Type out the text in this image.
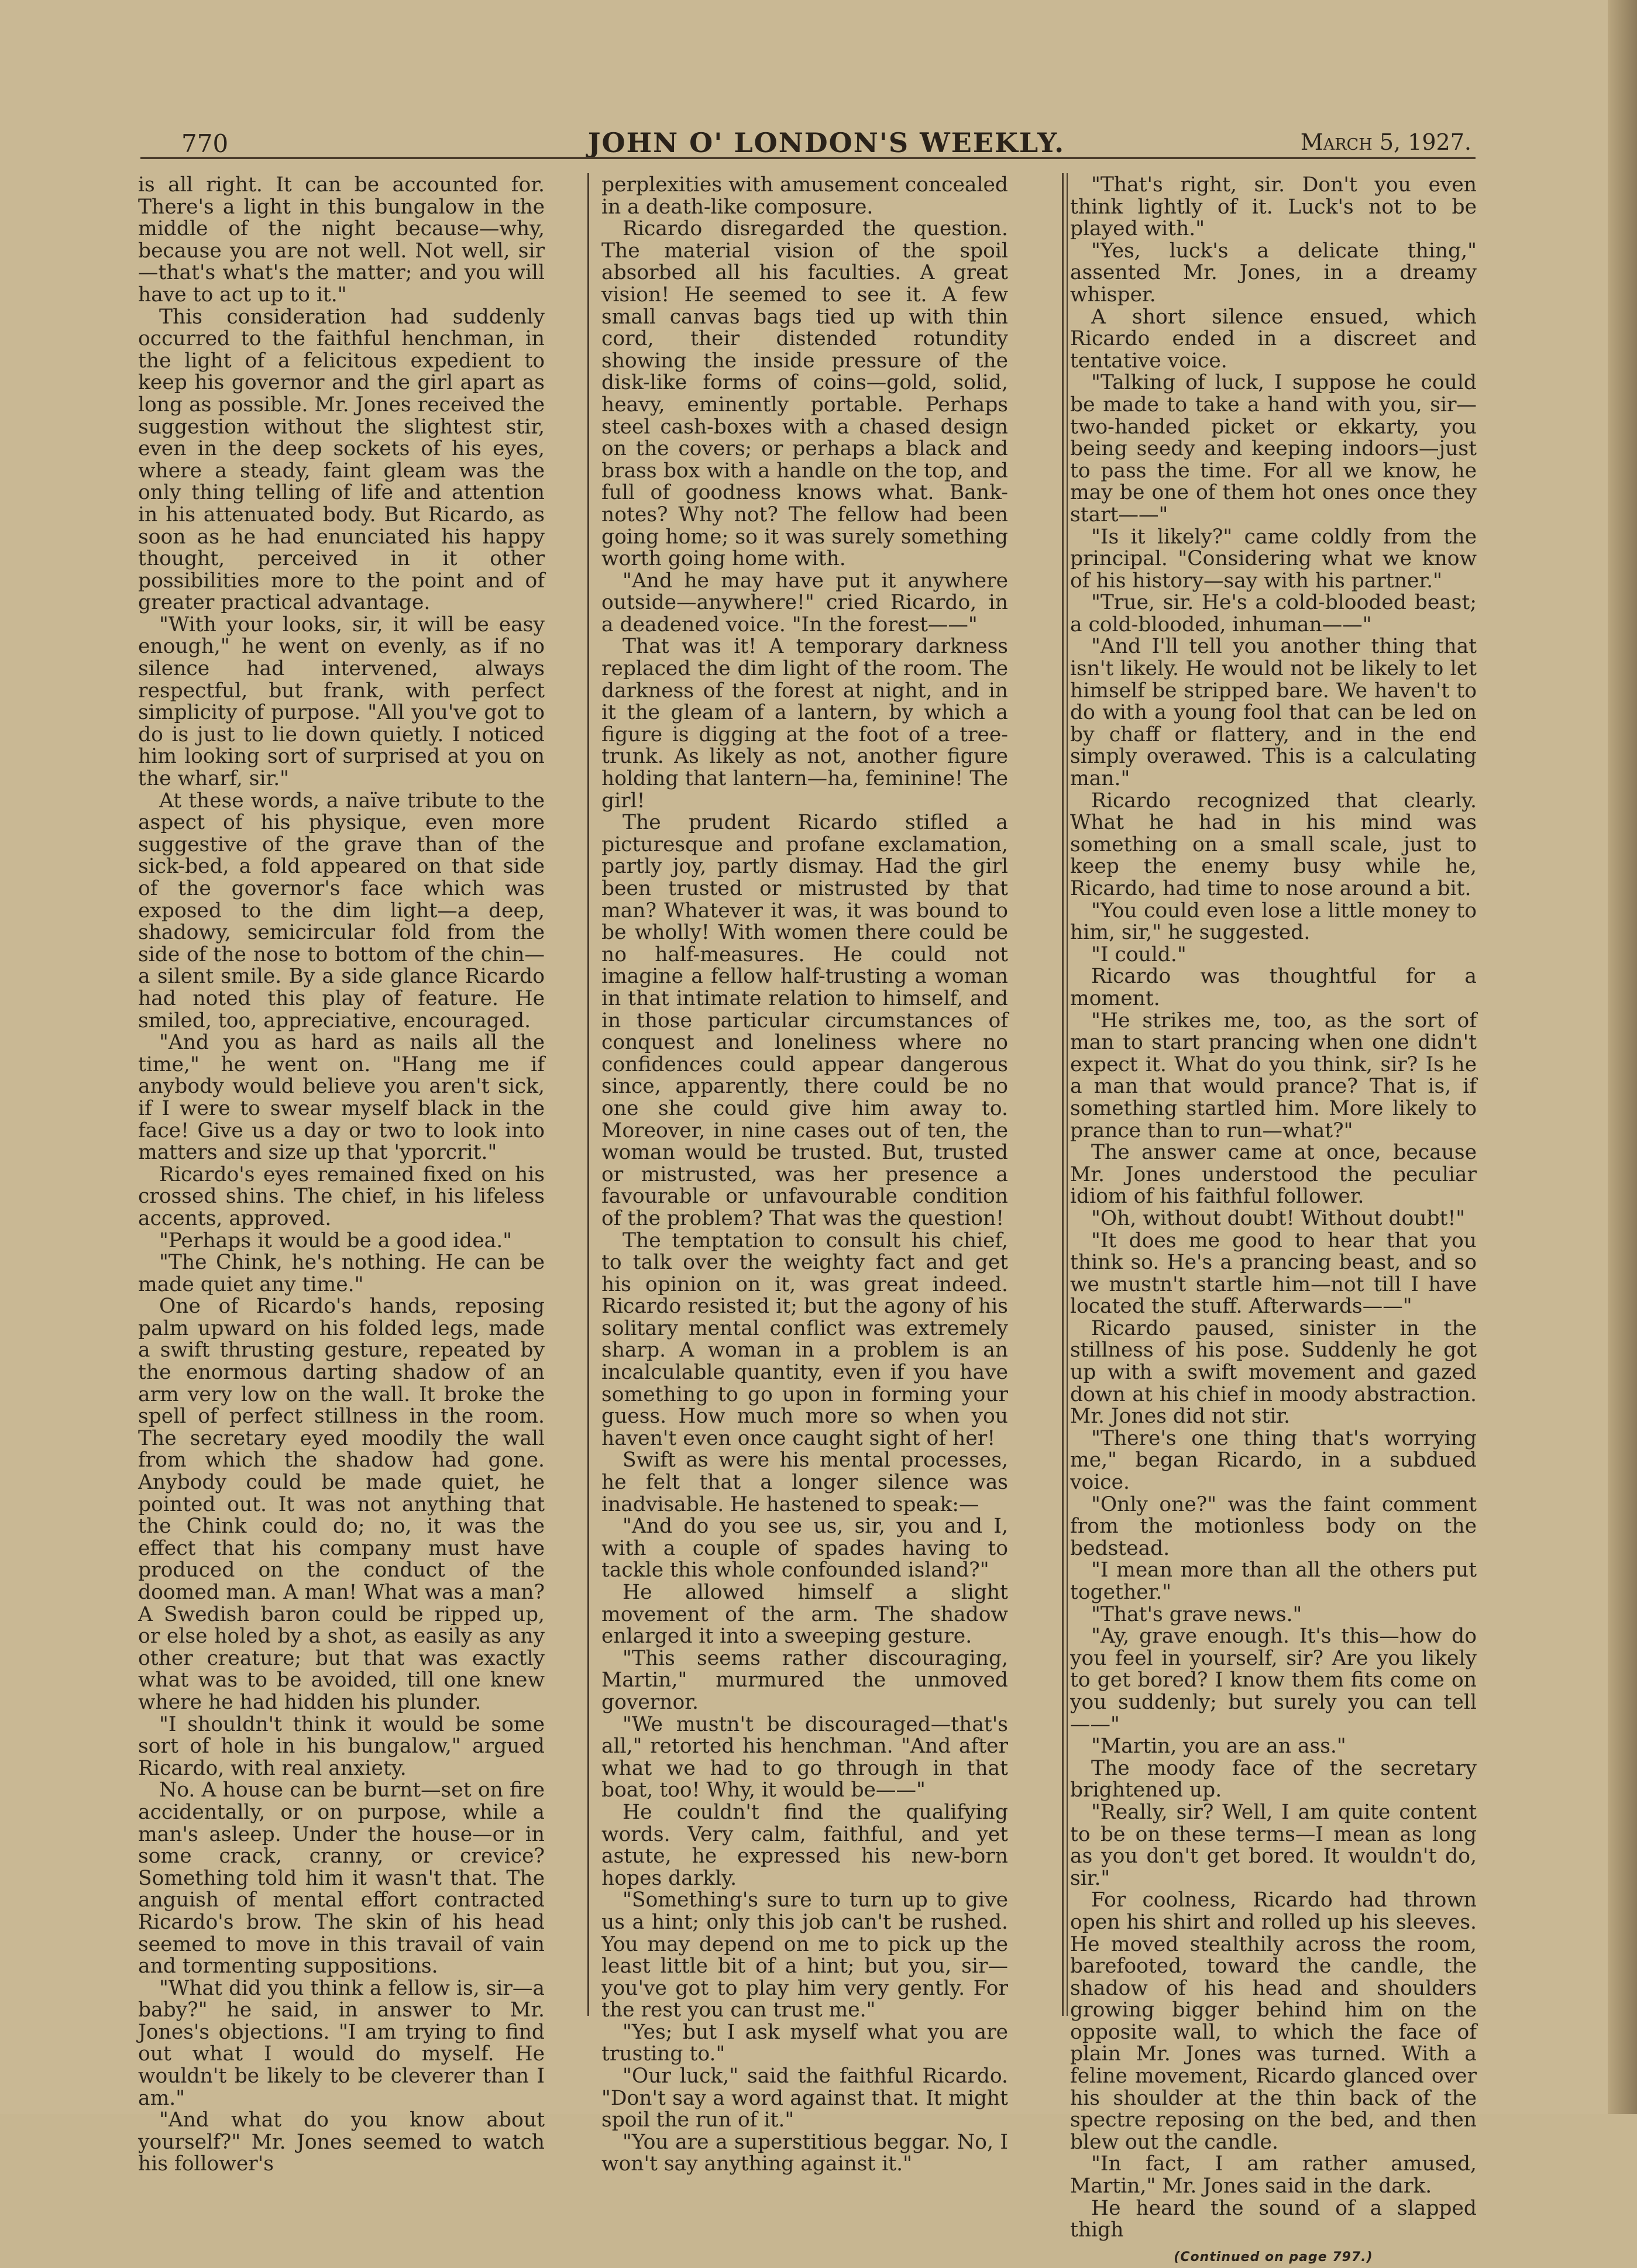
770	JOHN O' LONDON'S WEEKLY.	March 5, 1927.

is all right. It can be accounted for. There's a light in this bungalow in the middle of the night because—why, because you are not well. Not well, sir—that's what's the matter; and you will have to act up to it."

This consideration had suddenly occurred to the faithful henchman, in the light of a felicitous expedient to keep his governor and the girl apart as long as possible. Mr. Jones received the suggestion without the slightest stir, even in the deep sockets of his eyes, where a steady, faint gleam was the only thing telling of life and attention in his attenuated body. But Ricardo, as soon as he had enunciated his happy thought, perceived in it other possibilities more to the point and of greater practical advantage.

"With your looks, sir, it will be easy enough," he went on evenly, as if no silence had intervened, always respectful, but frank, with perfect simplicity of purpose. "All you've got to do is just to lie down quietly. I noticed him looking sort of surprised at you on the wharf, sir."

At these words, a naïve tribute to the aspect of his physique, even more suggestive of the grave than of the sick-bed, a fold appeared on that side of the governor's face which was exposed to the dim light—a deep, shadowy, semicircular fold from the side of the nose to bottom of the chin—a silent smile. By a side glance Ricardo had noted this play of feature. He smiled, too, appreciative, encouraged.

"And you as hard as nails all the time," he went on. "Hang me if anybody would believe you aren't sick, if I were to swear myself black in the face! Give us a day or two to look into matters and size up that 'yporcrit."

Ricardo's eyes remained fixed on his crossed shins. The chief, in his lifeless accents, approved.

"Perhaps it would be a good idea."

"The Chink, he's nothing. He can be made quiet any time."

One of Ricardo's hands, reposing palm upward on his folded legs, made a swift thrusting gesture, repeated by the enormous darting shadow of an arm very low on the wall. It broke the spell of perfect stillness in the room. The secretary eyed moodily the wall from which the shadow had gone. Anybody could be made quiet, he pointed out. It was not anything that the Chink could do; no, it was the effect that his company must have produced on the conduct of the doomed man. A man! What was a man? A Swedish baron could be ripped up, or else holed by a shot, as easily as any other creature; but that was exactly what was to be avoided, till one knew where he had hidden his plunder.

"I shouldn't think it would be some sort of hole in his bungalow," argued Ricardo, with real anxiety.

No. A house can be burnt—set on fire accidentally, or on purpose, while a man's asleep. Under the house—or in some crack, cranny, or crevice? Something told him it wasn't that. The anguish of mental effort contracted Ricardo's brow. The skin of his head seemed to move in this travail of vain and tormenting suppositions.

"What did you think a fellow is, sir—a baby?" he said, in answer to Mr. Jones's objections. "I am trying to find out what I would do myself. He wouldn't be likely to be cleverer than I am."

"And what do you know about yourself?" Mr. Jones seemed to watch his follower's

perplexities with amusement concealed in a death-like composure.

Ricardo disregarded the question. The material vision of the spoil absorbed all his faculties. A great vision! He seemed to see it. A few small canvas bags tied up with thin cord, their distended rotundity showing the inside pressure of the disk-like forms of coins—gold, solid, heavy, eminently portable. Perhaps steel cash-boxes with a chased design on the covers; or perhaps a black and brass box with a handle on the top, and full of goodness knows what. Bank-notes? Why not? The fellow had been going home; so it was surely something worth going home with.

"And he may have put it anywhere outside—anywhere!" cried Ricardo, in a deadened voice. "In the forest——"

That was it! A temporary darkness replaced the dim light of the room. The darkness of the forest at night, and in it the gleam of a lantern, by which a figure is digging at the foot of a tree-trunk. As likely as not, another figure holding that lantern—ha, feminine! The girl!

The prudent Ricardo stifled a picturesque and profane exclamation, partly joy, partly dismay. Had the girl been trusted or mistrusted by that man? Whatever it was, it was bound to be wholly! With women there could be no half-measures. He could not imagine a fellow half-trusting a woman in that intimate relation to himself, and in those particular circumstances of conquest and loneliness where no confidences could appear dangerous since, apparently, there could be no one she could give him away to. Moreover, in nine cases out of ten, the woman would be trusted. But, trusted or mistrusted, was her presence a favourable or unfavourable condition of the problem? That was the question!

The temptation to consult his chief, to talk over the weighty fact and get his opinion on it, was great indeed. Ricardo resisted it; but the agony of his solitary mental conflict was extremely sharp. A woman in a problem is an incalculable quantity, even if you have something to go upon in forming your guess. How much more so when you haven't even once caught sight of her!

Swift as were his mental processes, he felt that a longer silence was inadvisable. He hastened to speak:—

"And do you see us, sir, you and I, with a couple of spades having to tackle this whole confounded island?"

He allowed himself a slight movement of the arm. The shadow enlarged it into a sweeping gesture.

"This seems rather discouraging, Martin," murmured the unmoved governor.

"We mustn't be discouraged—that's all," retorted his henchman. "And after what we had to go through in that boat, too! Why, it would be——"

He couldn't find the qualifying words. Very calm, faithful, and yet astute, he expressed his new-born hopes darkly.

"Something's sure to turn up to give us a hint; only this job can't be rushed. You may depend on me to pick up the least little bit of a hint; but you, sir—you've got to play him very gently. For the rest you can trust me."

"Yes; but I ask myself what you are trusting to."

"Our luck," said the faithful Ricardo. "Don't say a word against that. It might spoil the run of it."

"You are a superstitious beggar. No, I won't say anything against it."

"That's right, sir. Don't you even think lightly of it. Luck's not to be played with."

"Yes, luck's a delicate thing," assented Mr. Jones, in a dreamy whisper.

A short silence ensued, which Ricardo ended in a discreet and tentative voice.

"Talking of luck, I suppose he could be made to take a hand with you, sir—two-handed picket or ekkarty, you being seedy and keeping indoors—just to pass the time. For all we know, he may be one of them hot ones once they start——"

"Is it likely?" came coldly from the principal. "Considering what we know of his history—say with his partner."

"True, sir. He's a cold-blooded beast; a cold-blooded, inhuman——"

"And I'll tell you another thing that isn't likely. He would not be likely to let himself be stripped bare. We haven't to do with a young fool that can be led on by chaff or flattery, and in the end simply overawed. This is a calculating man."

Ricardo recognized that clearly. What he had in his mind was something on a small scale, just to keep the enemy busy while he, Ricardo, had time to nose around a bit.

"You could even lose a little money to him, sir," he suggested.

"I could."

Ricardo was thoughtful for a moment.

"He strikes me, too, as the sort of man to start prancing when one didn't expect it. What do you think, sir? Is he a man that would prance? That is, if something startled him. More likely to prance than to run—what?"

The answer came at once, because Mr. Jones understood the peculiar idiom of his faithful follower.

"Oh, without doubt! Without doubt!"

"It does me good to hear that you think so. He's a prancing beast, and so we mustn't startle him—not till I have located the stuff. Afterwards——"

Ricardo paused, sinister in the stillness of his pose. Suddenly he got up with a swift movement and gazed down at his chief in moody abstraction. Mr. Jones did not stir.

"There's one thing that's worrying me," began Ricardo, in a subdued voice.

"Only one?" was the faint comment from the motionless body on the bedstead.

"I mean more than all the others put together."

"That's grave news."

"Ay, grave enough. It's this—how do you feel in yourself, sir? Are you likely to get bored? I know them fits come on you suddenly; but surely you can tell——"

"Martin, you are an ass."

The moody face of the secretary brightened up.

"Really, sir? Well, I am quite content to be on these terms—I mean as long as you don't get bored. It wouldn't do, sir."

For coolness, Ricardo had thrown open his shirt and rolled up his sleeves. He moved stealthily across the room, barefooted, toward the candle, the shadow of his head and shoulders growing bigger behind him on the opposite wall, to which the face of plain Mr. Jones was turned. With a feline movement, Ricardo glanced over his shoulder at the thin back of the spectre reposing on the bed, and then blew out the candle.

"In fact, I am rather amused, Martin," Mr. Jones said in the dark.

He heard the sound of a slapped thigh

(Continued on page 797.)
